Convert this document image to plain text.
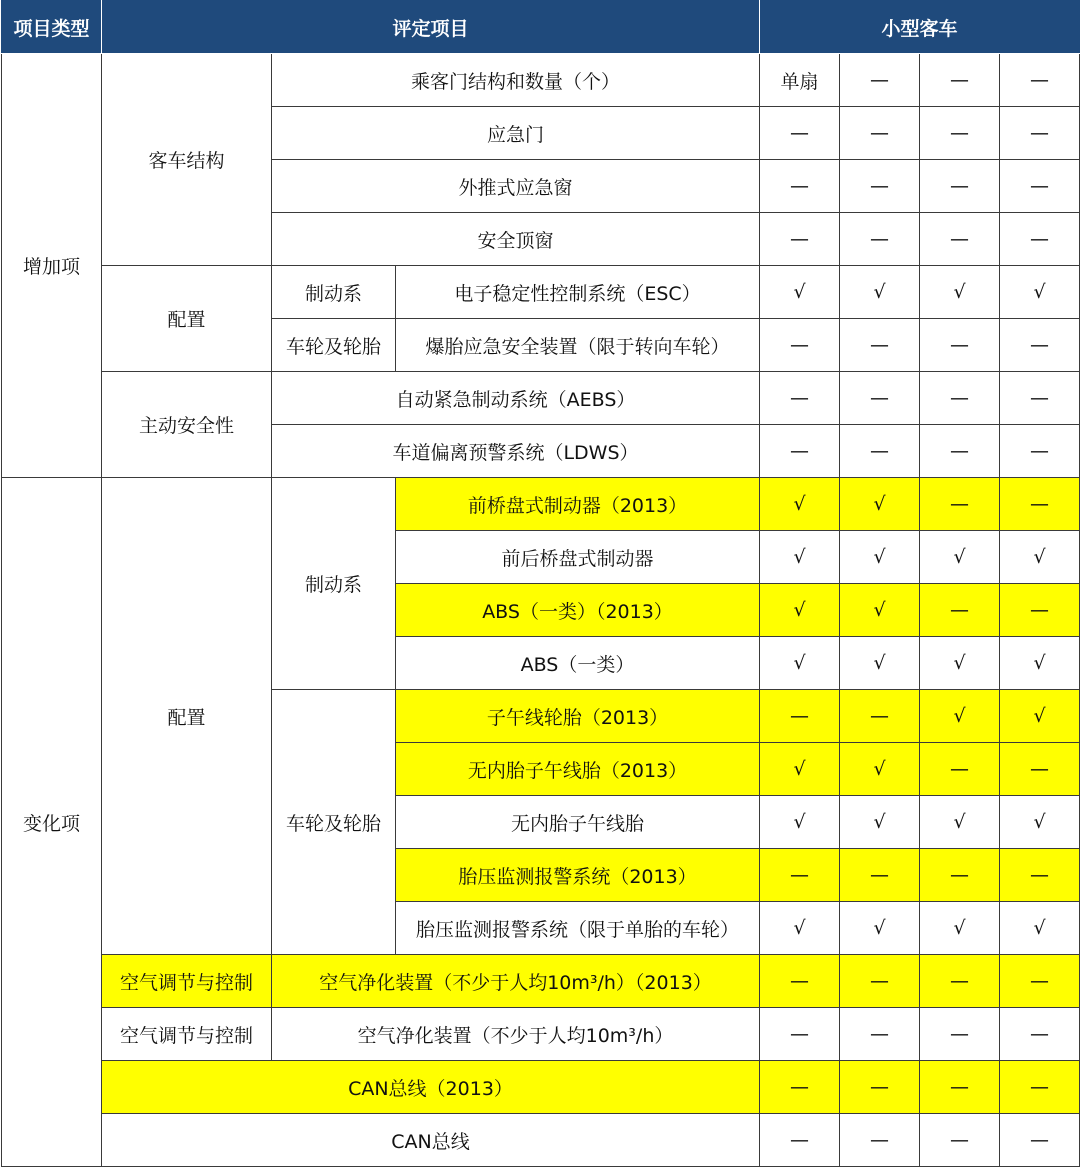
项目类型	评定项目			小型客车			
增加项	客车结构	乘客门结构和数量（个）		单扇	—	—	—
		应急门		—	—	—	—
		外推式应急窗		—	—	—	—
		安全顶窗		—	—	—	—
	配置	制动系	电子稳定性控制系统（ESC）	√	√	√	√
		车轮及轮胎	爆胎应急安全装置（限于转向车轮）	—	—	—	—
	主动安全性	自动紧急制动系统（AEBS）		—	—	—	—
		车道偏离预警系统（LDWS）		—	—	—	—
变化项	配置	制动系	前桥盘式制动器（2013）	√	√	—	—
			前后桥盘式制动器	√	√	√	√
			ABS（一类）（2013）	√	√	—	—
			ABS（一类）	√	√	√	√
		车轮及轮胎	子午线轮胎（2013）	—	—	√	√
			无内胎子午线胎（2013）	√	√	—	—
			无内胎子午线胎	√	√	√	√
			胎压监测报警系统（2013）	—	—	—	—
			胎压监测报警系统（限于单胎的车轮）	√	√	√	√
	空气调节与控制	空气净化装置（不少于人均10m³/h）（2013）		—	—	—	—
	空气调节与控制	空气净化装置（不少于人均10m³/h）		—	—	—	—
	CAN总线（2013）			—	—	—	—
	CAN总线			—	—	—	—
